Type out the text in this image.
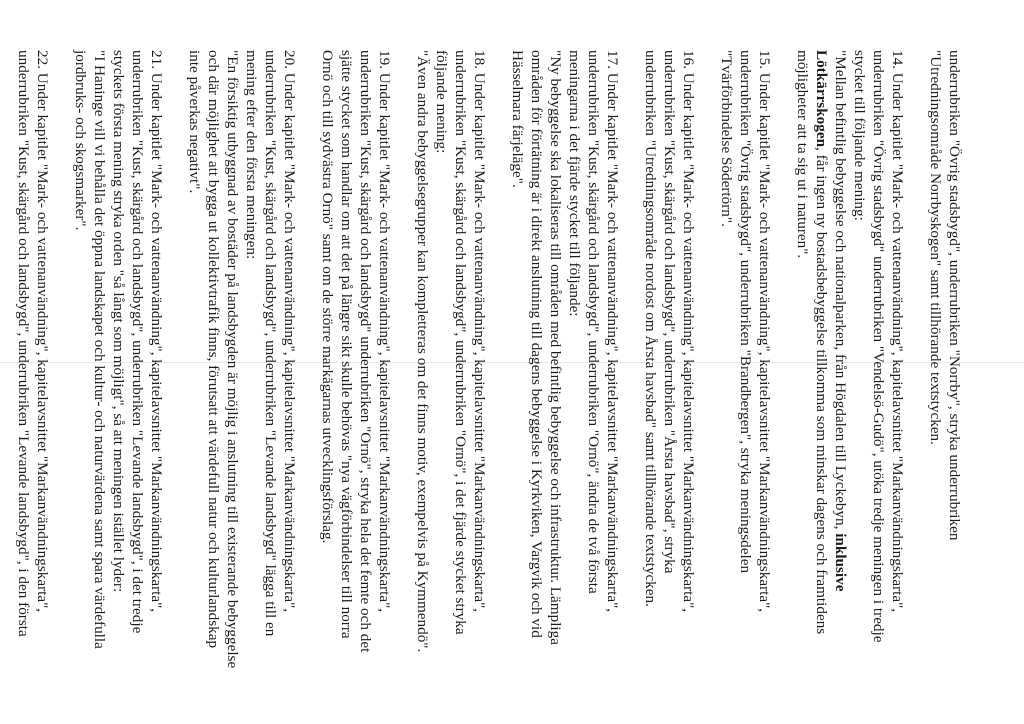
underrubriken "Övrig stadsbygd", underrubriken "Norrby", stryka underrubriken
"Utredningsområde Norrbyskogen" samt tillhörande textstycken.
14. Under kapitlet "Mark- och vattenanvändning", kapitelavsnittet "Markanvändningskarta",
underrubriken "Övrig stadsbygd" underrubriken "Vendelsö-Gudö", utöka tredje meningen i tredje
stycket till följande mening:
"Mellan befintlig bebyggelse och nationalparken, från Högdalen till Lyckebyn, inklusive
Lötkärrskogen, får ingen ny bostadsbebyggelse tillkomma som minskar dagens och framtidens
möjligheter att ta sig ut i naturen".
15. Under kapitlet "Mark- och vattenanvändning", kapitelavsnittet "Markanvändningskarta",
underrubriken "Övrig stadsbygd", underrubriken "Brandbergen", stryka meningsdelen
"Tvärförbindelse Södertörn".
16. Under kapitlet "Mark- och vattenanvändning", kapitelavsnittet "Markanvändningskarta",
underrubriken "Kust, skärgård och landsbygd", underrubriken "Årsta havsbad", stryka
underrubriken "Utredningsområde nordost om Årsta havsbad" samt tillhörande textstycken.
17. Under kapitlet "Mark- och vattenanvändning", kapitelavsnittet "Markanvändningskarta",
underrubriken "Kust, skärgård och landsbygd", underrubriken "Ornö", ändra de två första
meningarna i det fjärde stycket till följande:
"Ny bebyggelse ska lokaliseras till områden med befintlig bebyggelse och infrastruktur. Lämpliga
områden för förtätning är i direkt anslutning till dagens bebyggelse i Kyrkviken, Vargvik och vid
Hässelmara färjeläge".
18. Under kapitlet "Mark- och vattenanvändning", kapitelavsnittet "Markanvändningskarta",
underrubriken "Kust, skärgård och landsbygd", underrubriken "Ornö", i det fjärde stycket stryka
följande mening:
"Även andra bebyggelsegrupper kan kompletteras om det finns motiv, exempelvis på Kymmendö".
19. Under kapitlet "Mark- och vattenanvändning", kapitelavsnittet "Markanvändningskarta",
underrubriken "Kust, skärgård och landsbygd" underrubriken "Ornö", stryka hela det femte och det
sjätte stycket som handlar om att det på längre sikt skulle behövas "nya vägförbindelser till norra
Ornö och till sydvästra Ornö" samt om de större markägarnas utvecklingsförslag.
20. Under kapitlet "Mark- och vattenanvändning", kapitelavsnittet "Markanvändningskarta",
underrubriken "Kust, skärgård och landsbygd", underrubriken "Levande landsbygd" lägga till en
mening efter den första meningen:
"En försiktig utbyggnad av bostäder på landsbygden är möjlig i anslutning till existerande bebyggelse
och där möjlighet att bygga ut kollektivtrafik finns, förutsatt att värdefull natur och kulturlandskap
inte påverkas negativt".
21. Under kapitlet "Mark- och vattenanvändning", kapitelavsnittet "Markanvändningskarta",
underrubriken "Kust, skärgård och landsbygd", underrubriken "Levande landsbygd", i det tredje
styckets första mening stryka orden "så långt som möjligt", så att meningen istället lyder:
"I Haninge vill vi behålla det öppna landskapet och kultur- och naturvärdena samt spara värdefulla
jordbruks- och skogsmarker".
22. Under kapitlet "Mark- och vattenanvändning", kapitelavsnittet "Markanvändningskarta",
underrubriken "Kust, skärgård och landsbygd", underrubriken "Levande landsbygd", i den första
